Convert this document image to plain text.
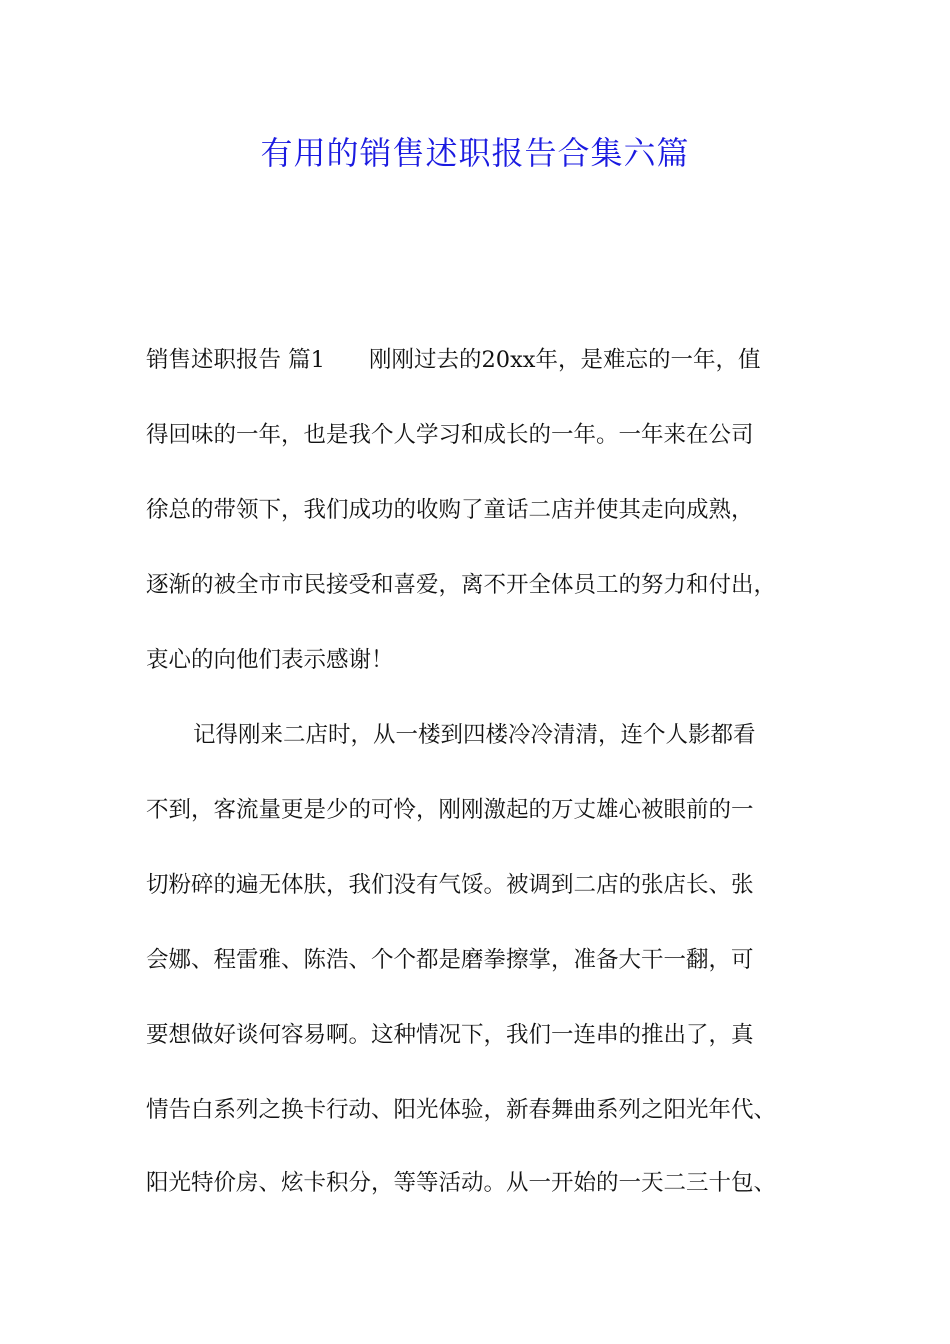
有用的销售述职报告合集六篇
销售述职报告 篇1 刚刚过去的20xx年，是难忘的一年，值
得回味的一年，也是我个人学习和成长的一年。一年来在公司
徐总的带领下，我们成功的收购了童话二店并使其走向成熟，
逐渐的被全市市民接受和喜爱，离不开全体员工的努力和付出，
衷心的向他们表示感谢！
记得刚来二店时，从一楼到四楼冷冷清清，连个人影都看
不到，客流量更是少的可怜，刚刚激起的万丈雄心被眼前的一
切粉碎的遍无体肤，我们没有气馁。被调到二店的张店长、张
会娜、程雷雅、陈浩、个个都是磨拳擦掌，准备大干一翻，可
要想做好谈何容易啊。这种情况下，我们一连串的推出了，真
情告白系列之换卡行动、阳光体验，新春舞曲系列之阳光年代、
阳光特价房、炫卡积分，等等活动。从一开始的一天二三十包、
